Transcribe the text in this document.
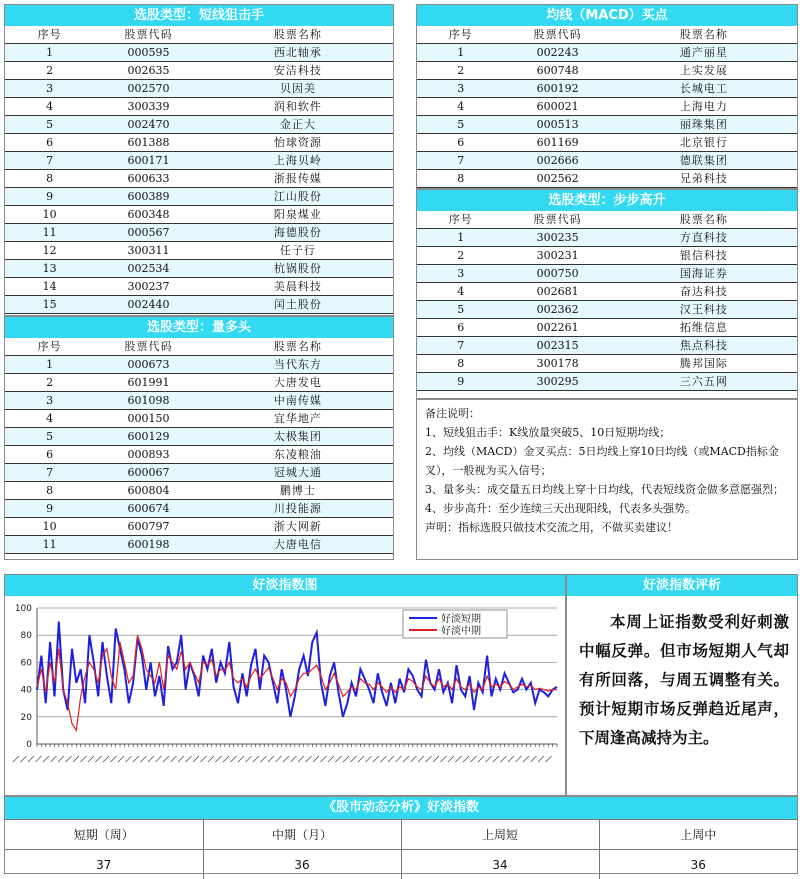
选股类型：短线狙击手
序号	股票代码	股票名称
1	000595	西北轴承
2	002635	安洁科技
3	002570	贝因美
4	300339	润和软件
5	002470	金正大
6	601388	怡球资源
7	600171	上海贝岭
8	600633	浙报传媒
9	600389	江山股份
10	600348	阳泉煤业
11	000567	海德股份
12	300311	任子行
13	002534	杭锅股份
14	300237	美晨科技
15	002440	闰土股份
选股类型：量多头
序号	股票代码	股票名称
1	000673	当代东方
2	601991	大唐发电
3	601098	中南传媒
4	000150	宜华地产
5	600129	太极集团
6	000893	东凌粮油
7	600067	冠城大通
8	600804	鹏博士
9	600674	川投能源
10	600797	浙大网新
11	600198	大唐电信
均线（MACD）买点
序号	股票代码	股票名称
1	002243	通产丽星
2	600748	上实发展
3	600192	长城电工
4	600021	上海电力
5	000513	丽珠集团
6	601169	北京银行
7	002666	德联集团
8	002562	兄弟科技
选股类型：步步高升
序号	股票代码	股票名称
1	300235	方直科技
2	300231	银信科技
3	000750	国海证券
4	002681	奋达科技
5	002362	汉王科技
6	002261	拓维信息
7	002315	焦点科技
8	300178	腾邦国际
9	300295	三六五网

备注说明：

1、短线狙击手：K线放量突破5、10日短期均线；

2、均线（MACD）金叉买点：5日均线上穿10日均线（或MACD指标金叉），一般视为买入信号；

3、量多头：成交量五日均线上穿十日均线，代表短线资金做多意愿强烈；

4、步步高升：至少连续三天出现阳线，代表多头强势。

声明：指标选股只做技术交流之用，不做买卖建议！

好淡指数图
0
20
40
60
80
100
好淡短期
好淡中期
好淡指数评析
本周上证指数受利好刺激中幅反弹。但市场短期人气却有所回落，与周五调整有关。预计短期市场反弹趋近尾声，下周逢高减持为主。
《股市动态分析》好淡指数
短期（周）	中期（月）	上周短	上周中
37	36	34	36
